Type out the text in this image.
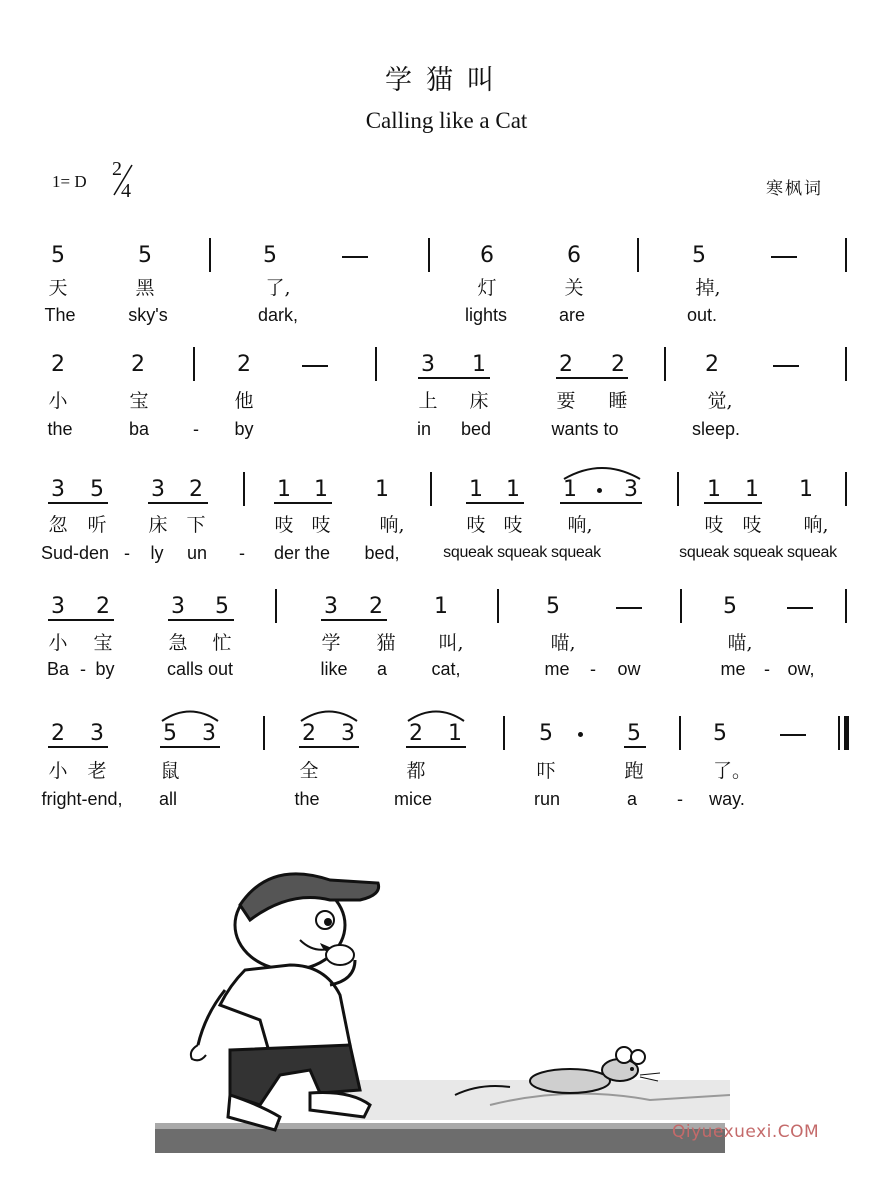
学猫叫
Calling like a Cat
1= D
2
4	寒枫词
5	5	5	6	6	5
天	黑	了,	灯	关	掉,
The	sky's	dark,	lights	are	out.
2	2	2	3 1	2 2	2
小	宝	他	上 床	要 睡	觉,
the	ba - by	in bed	wants to	sleep.
3 5 3 2	1 1 1	1 1 1 3	1 1 1
忽 听 床 下	吱 吱	响,	吱 吱 响,	吱 吱 响,
Sud-den - ly un - der the bed,	squeak squeak squeak	squeak squeak squeak
3 2	3 5	3 2 1	5	5
小 宝	急 忙	学 猫 叫,	喵,	喵,
Ba - by	calls out	like a cat,	me - ow	me - ow,
2 3	5 3	2 3 2 1	5	5	5
小 老	鼠	全	都	吓	跑	了。
fright-end, all	the	mice	run	a - way.
Qiyuexuexi.COM
